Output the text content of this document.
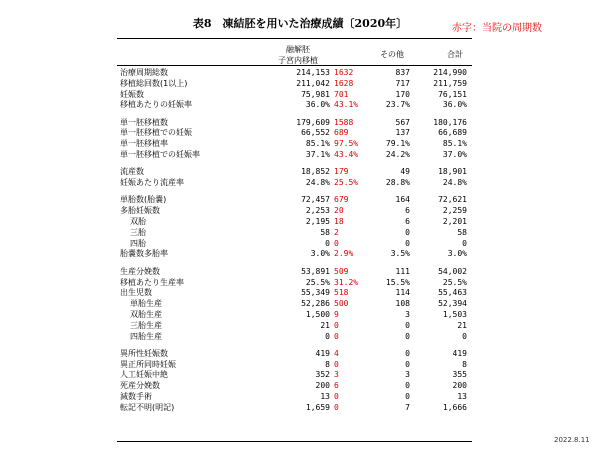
表8　凍結胚を用いた治療成績〔2020年〕	赤字：当院の周期数
融解胚
子宮内移植
その他	合計
治療周期総数	214,153 1632	837	214,990
移植総回数(1以上)	211,042 1628	717	211,759
妊娠数	75,981 701	170	76,151
移植あたりの妊娠率	36.0% 43.1%	23.7%	36.0%
単一胚移植数	179,609 1588	567	180,176
単一胚移植での妊娠	66,552 689	137	66,689
単一胚移植率	85.1% 97.5%	79.1%	85.1%
単一胚移植での妊娠率	37.1% 43.4%	24.2%	37.0%
流産数	18,852 179	49	18,901
妊娠あたり流産率	24.8% 25.5%	28.8%	24.8%
単胎数(胎嚢)	72,457 679	164	72,621
多胎妊娠数	2,253 20	6	2,259
双胎	2,195 18	6	2,201
三胎	58 2	0	58
四胎	0 0	0	0
胎嚢数多胎率	3.0% 2.9%	3.5%	3.0%
生産分娩数	53,891 509	111	54,002
移植あたり生産率	25.5% 31.2%	15.5%	25.5%
出生児数	55,349 518	114	55,463
単胎生産	52,286 500	108	52,394
双胎生産	1,500 9	3	1,503
三胎生産	21 0	0	21
四胎生産	0 0	0	0
異所性妊娠数	419 4	0	419
異正所同時妊娠	8 0	0	8
人工妊娠中絶	352 3	3	355
死産分娩数	200 6	0	200
減数手術	13 0	0	13
転記不明(明記)	1,659 0	7	1,666
2022.8.11
